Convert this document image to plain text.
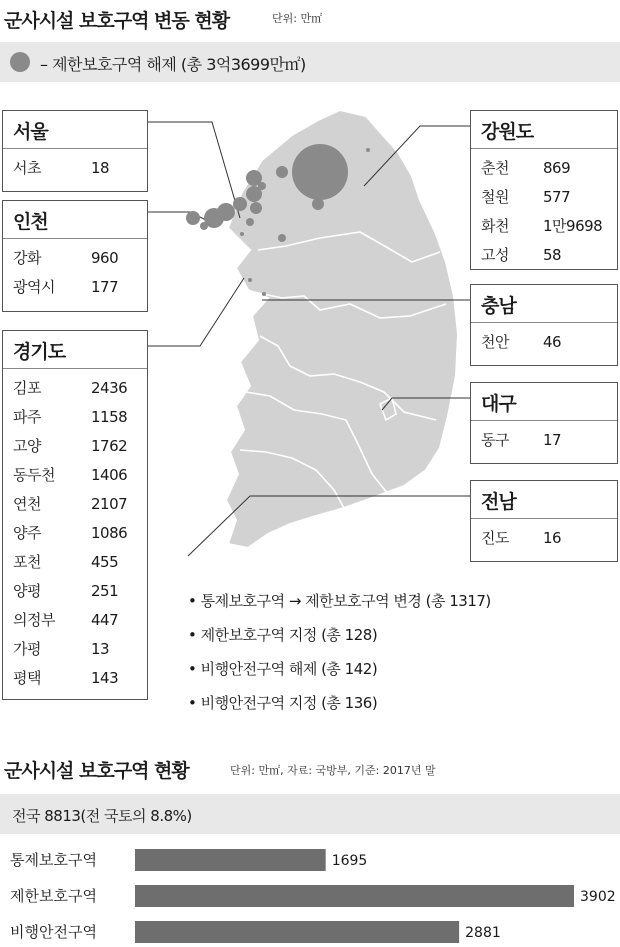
군사시설 보호구역 변동 현황	단위: 만㎡
– 제한보호구역 해제 (총 3억3699만㎡)
서울
서초	18
인천
강화	960
광역시	177
경기도
김포	2436
파주	1158
고양	1762
동두천	1406
연천	2107
양주	1086
포천	455
양평	251
의정부	447
가평	13
평택	143
강원도
춘천	869
철원	577
화천	1만9698
고성	58
충남
천안	46
대구
동구	17
전남
진도	16
• 통제보호구역 → 제한보호구역 변경 (총 1317)
• 제한보호구역 지정 (총 128)
• 비행안전구역 해제 (총 142)
• 비행안전구역 지정 (총 136)
군사시설 보호구역 현황	단위: 만㎡, 자료: 국방부, 기준: 2017년 말
전국 8813(전 국토의 8.8%)
통제보호구역	1695
제한보호구역	3902
비행안전구역	2881
